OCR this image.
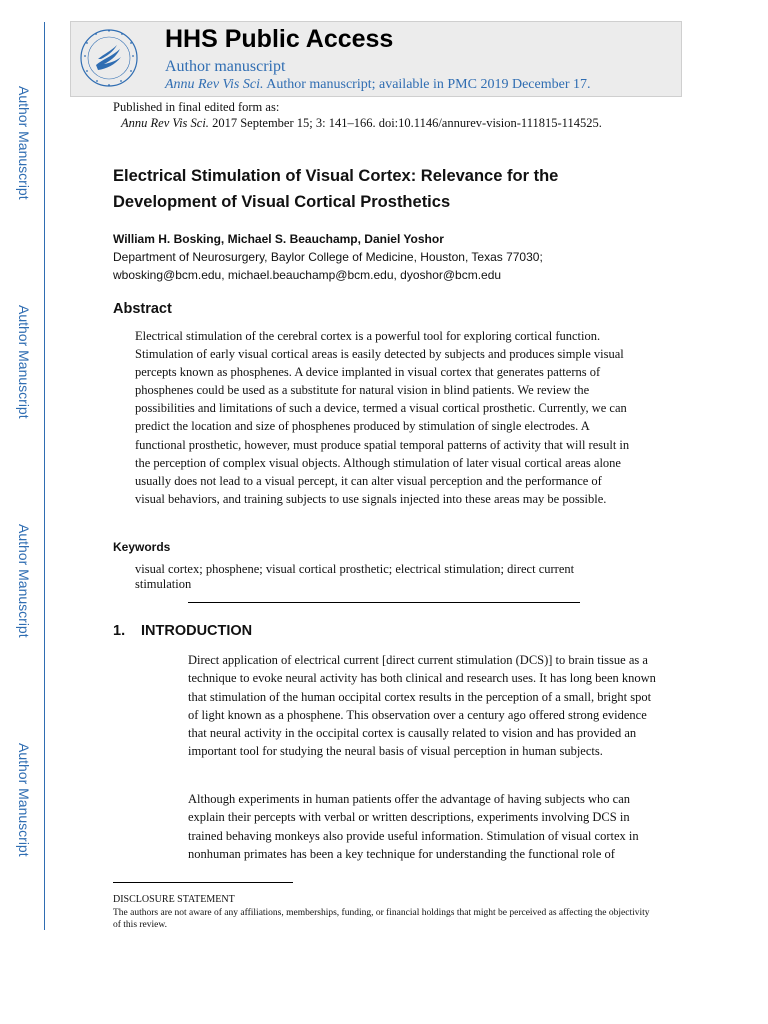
Author Manuscript
Author Manuscript
Author Manuscript
Author Manuscript
HHS Public Access
Author manuscript
Annu Rev Vis Sci. Author manuscript; available in PMC 2019 December 17.
Published in final edited form as:
Annu Rev Vis Sci. 2017 September 15; 3: 141–166. doi:10.1146/annurev-vision-111815-114525.
Electrical Stimulation of Visual Cortex: Relevance for the Development of Visual Cortical Prosthetics
William H. Bosking, Michael S. Beauchamp, Daniel Yoshor
Department of Neurosurgery, Baylor College of Medicine, Houston, Texas 77030;
wbosking@bcm.edu, michael.beauchamp@bcm.edu, dyoshor@bcm.edu
Abstract
Electrical stimulation of the cerebral cortex is a powerful tool for exploring cortical function. Stimulation of early visual cortical areas is easily detected by subjects and produces simple visual percepts known as phosphenes. A device implanted in visual cortex that generates patterns of phosphenes could be used as a substitute for natural vision in blind patients. We review the possibilities and limitations of such a device, termed a visual cortical prosthetic. Currently, we can predict the location and size of phosphenes produced by stimulation of single electrodes. A functional prosthetic, however, must produce spatial temporal patterns of activity that will result in the perception of complex visual objects. Although stimulation of later visual cortical areas alone usually does not lead to a visual percept, it can alter visual perception and the performance of visual behaviors, and training subjects to use signals injected into these areas may be possible.
Keywords
visual cortex; phosphene; visual cortical prosthetic; electrical stimulation; direct current stimulation
1. INTRODUCTION

Direct application of electrical current [direct current stimulation (DCS)] to brain tissue as a technique to evoke neural activity has both clinical and research uses. It has long been known that stimulation of the human occipital cortex results in the perception of a small, bright spot of light known as a phosphene. This observation over a century ago offered strong evidence that neural activity in the occipital cortex is causally related to vision and has provided an important tool for studying the neural basis of visual perception in human subjects.

Although experiments in human patients offer the advantage of having subjects who can explain their percepts with verbal or written descriptions, experiments involving DCS in trained behaving monkeys also provide useful information. Stimulation of visual cortex in nonhuman primates has been a key technique for understanding the functional role of

DISCLOSURE STATEMENT
The authors are not aware of any affiliations, memberships, funding, or financial holdings that might be perceived as affecting the objectivity of this review.
